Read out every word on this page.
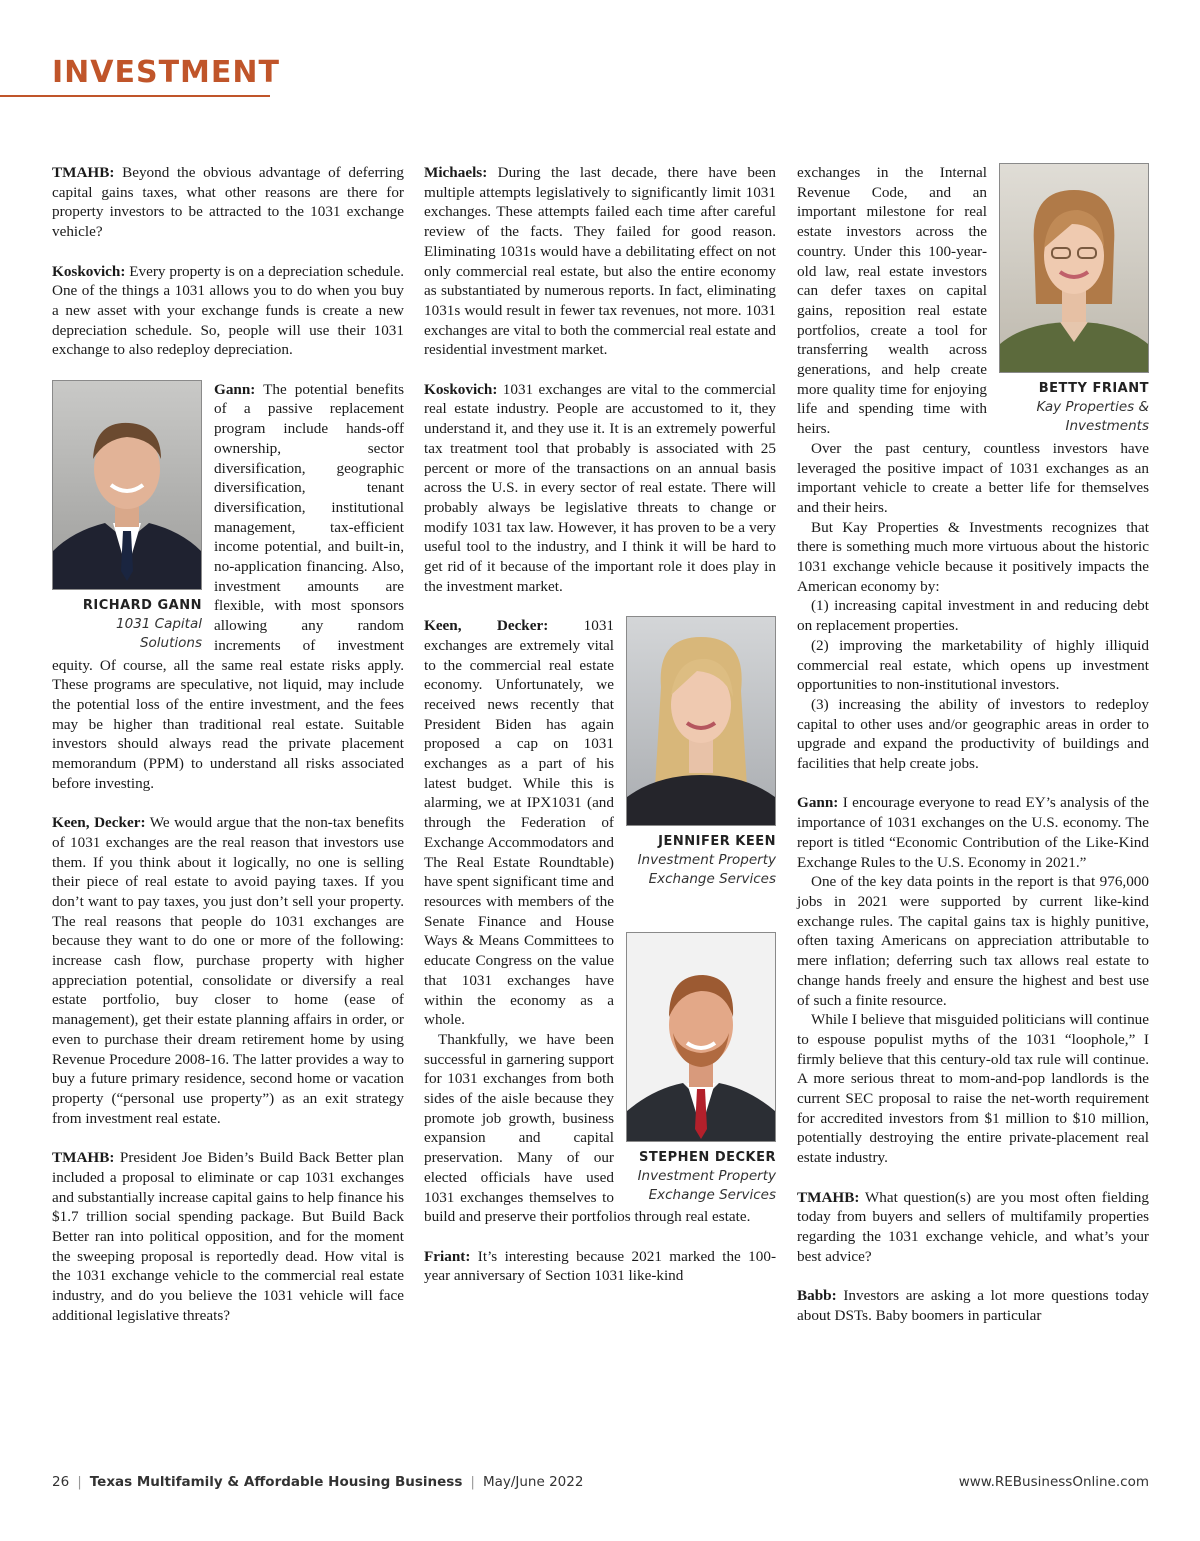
INVESTMENT

TMAHB: Beyond the obvious advantage of deferring capital gains taxes, what other reasons are there for property investors to be attracted to the 1031 exchange vehicle?

Koskovich: Every property is on a depreciation schedule. One of the things a 1031 allows you to do when you buy a new asset with your exchange funds is create a new depreciation schedule. So, people will use their 1031 exchange to also redeploy depreciation.

RICHARD GANN
1031 Capital Solutions

Gann: The potential benefits of a passive replacement program include hands-off ownership, sector diversification, geographic diversification, tenant diversification, institutional management, tax-efficient income potential, and built-in, no-application financing. Also, investment amounts are flexible, with most sponsors allowing any random increments of investment equity. Of course, all the same real estate risks apply. These programs are speculative, not liquid, may include the potential loss of the entire investment, and the fees may be higher than traditional real estate. Suitable investors should always read the private placement memorandum (PPM) to understand all risks associated before investing.

Keen, Decker: We would argue that the non-tax benefits of 1031 exchanges are the real reason that investors use them. If you think about it logically, no one is selling their piece of real estate to avoid paying taxes. If you don’t want to pay taxes, you just don’t sell your property. The real reasons that people do 1031 exchanges are because they want to do one or more of the following: increase cash flow, purchase property with higher appreciation potential, consolidate or diversify a real estate portfolio, buy closer to home (ease of management), get their estate planning affairs in order, or even to purchase their dream retirement home by using Revenue Procedure 2008-16. The latter provides a way to buy a future primary residence, second home or vacation property (“personal use property”) as an exit strategy from investment real estate.

TMAHB: President Joe Biden’s Build Back Better plan included a proposal to eliminate or cap 1031 exchanges and substantially increase capital gains to help finance his $1.7 trillion social spending package. But Build Back Better ran into political opposition, and for the moment the sweeping proposal is reportedly dead. How vital is the 1031 exchange vehicle to the commercial real estate industry, and do you believe the 1031 vehicle will face additional legislative threats?

Michaels: During the last decade, there have been multiple attempts legislatively to significantly limit 1031 exchanges. These attempts failed each time after careful review of the facts. They failed for good reason. Eliminating 1031s would have a debilitating effect on not only commercial real estate, but also the entire economy as substantiated by numerous reports. In fact, eliminating 1031s would result in fewer tax revenues, not more. 1031 exchanges are vital to both the commercial real estate and residential investment market.

Koskovich: 1031 exchanges are vital to the commercial real estate industry. People are accustomed to it, they understand it, and they use it. It is an extremely powerful tax treatment tool that probably is associated with 25 percent or more of the transactions on an annual basis across the U.S. in every sector of real estate. There will probably always be legislative threats to change or modify 1031 tax law. However, it has proven to be a very useful tool to the industry, and I think it will be hard to get rid of it because of the important role it does play in the investment market.

JENNIFER KEEN
Investment Property Exchange Services
STEPHEN DECKER
Investment Property Exchange Services

Keen, Decker: 1031 exchanges are extremely vital to the commercial real estate economy. Unfortunately, we received news recently that President Biden has again proposed a cap on 1031 exchanges as a part of his latest budget. While this is alarming, we at IPX1031 (and through the Federation of Exchange Accommodators and The Real Estate Roundtable) have spent significant time and resources with members of the Senate Finance and House Ways & Means Committees to educate Congress on the value that 1031 exchanges have within the economy as a whole.

Thankfully, we have been successful in garnering support for 1031 exchanges from both sides of the aisle because they promote job growth, business expansion and capital preservation. Many of our elected officials have used 1031 exchanges themselves to build and preserve their portfolios through real estate.

Friant: It’s interesting because 2021 marked the 100-year anniversary of Section 1031 like-kind

BETTY FRIANT
Kay Properties & Investments

exchanges in the Internal Revenue Code, and an important milestone for real estate investors across the country. Under this 100-year-old law, real estate investors can defer taxes on capital gains, reposition real estate portfolios, create a tool for transferring wealth across generations, and help create more quality time for enjoying life and spending time with heirs.

Over the past century, countless investors have leveraged the positive impact of 1031 exchanges as an important vehicle to create a better life for themselves and their heirs.

But Kay Properties & Investments recognizes that there is something much more virtuous about the historic 1031 exchange vehicle because it positively impacts the American economy by:

(1) increasing capital investment in and reducing debt on replacement properties.

(2) improving the marketability of highly illiquid commercial real estate, which opens up investment opportunities to non-institutional investors.

(3) increasing the ability of investors to redeploy capital to other uses and/or geographic areas in order to upgrade and expand the productivity of buildings and facilities that help create jobs.

Gann: I encourage everyone to read EY’s analysis of the importance of 1031 exchanges on the U.S. economy. The report is titled “Economic Contribution of the Like-Kind Exchange Rules to the U.S. Economy in 2021.”

One of the key data points in the report is that 976,000 jobs in 2021 were supported by current like-kind exchange rules. The capital gains tax is highly punitive, often taxing Americans on appreciation attributable to mere inflation; deferring such tax allows real estate to change hands freely and ensure the highest and best use of such a finite resource.

While I believe that misguided politicians will continue to espouse populist myths of the 1031 “loophole,” I firmly believe that this century-old tax rule will continue. A more serious threat to mom-and-pop landlords is the current SEC proposal to raise the net-worth requirement for accredited investors from $1 million to $10 million, potentially destroying the entire private-placement real estate industry.

TMAHB: What question(s) are you most often fielding today from buyers and sellers of multifamily properties regarding the 1031 exchange vehicle, and what’s your best advice?

Babb: Investors are asking a lot more questions today about DSTs. Baby boomers in particular

26 | Texas Multifamily & Affordable Housing Business | May/June 2022	www.REBusinessOnline.com
